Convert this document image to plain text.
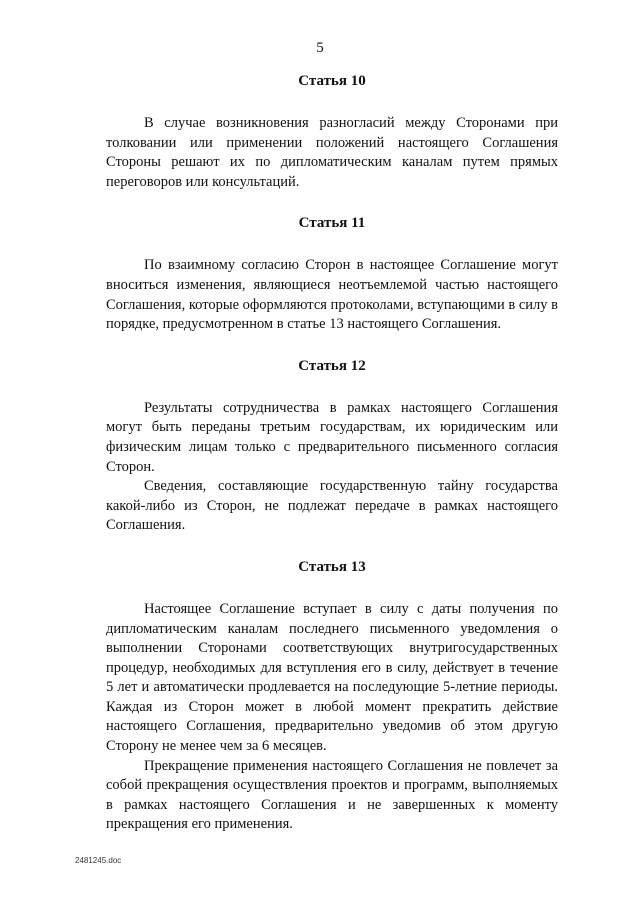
5
Статья 10

В случае возникновения разногласий между Сторонами при толковании или применении положений настоящего Соглашения Стороны решают их по дипломатическим каналам путем прямых переговоров или консультаций.

Статья 11

По взаимному согласию Сторон в настоящее Соглашение могут вноситься изменения, являющиеся неотъемлемой частью настоящего Соглашения, которые оформляются протоколами, вступающими в силу в порядке, предусмотренном в статье 13 настоящего Соглашения.

Статья 12

Результаты сотрудничества в рамках настоящего Соглашения могут быть переданы третьим государствам, их юридическим или физическим лицам только с предварительного письменного согласия Сторон.

Сведения, составляющие государственную тайну государства какой-либо из Сторон, не подлежат передаче в рамках настоящего Соглашения.

Статья 13

Настоящее Соглашение вступает в силу с даты получения по дипломатическим каналам последнего письменного уведомления о выполнении Сторонами соответствующих внутригосударственных процедур, необходимых для вступления его в силу, действует в течение 5 лет и автоматически продлевается на последующие 5-летние периоды. Каждая из Сторон может в любой момент прекратить действие настоящего Соглашения, предварительно уведомив об этом другую Сторону не менее чем за 6 месяцев.

Прекращение применения настоящего Соглашения не повлечет за собой прекращения осуществления проектов и программ, выполняемых в рамках настоящего Соглашения и не завершенных к моменту прекращения его применения.

2481245.doc
